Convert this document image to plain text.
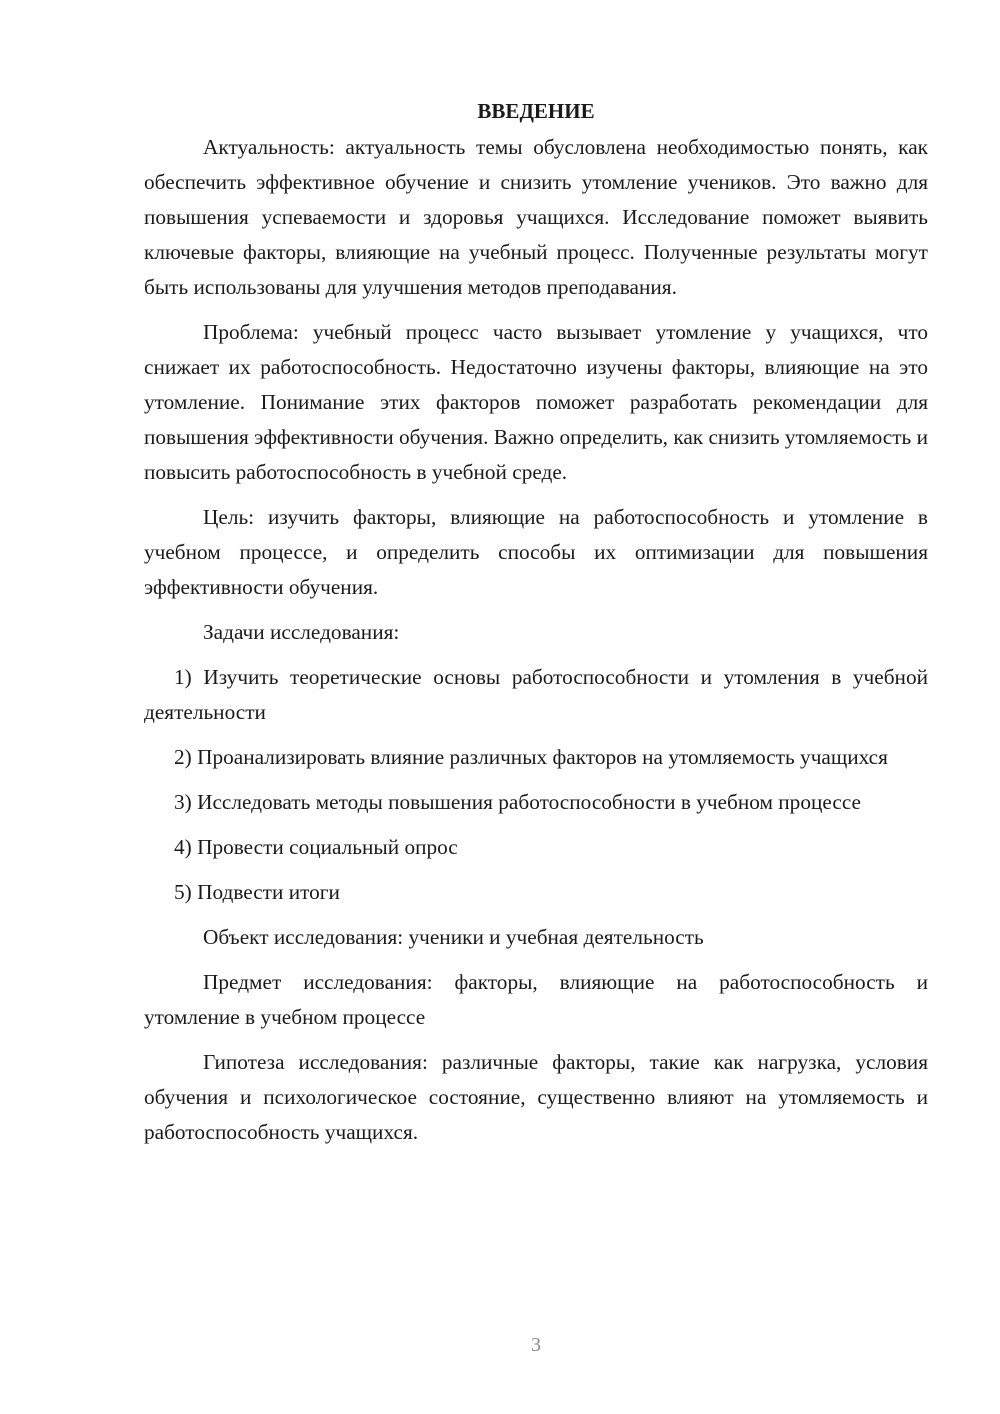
ВВЕДЕНИЕ

Актуальность: актуальность темы обусловлена необходимостью понять, как обеспечить эффективное обучение и снизить утомление учеников. Это важно для повышения успеваемости и здоровья учащихся. Исследование поможет выявить ключевые факторы, влияющие на учебный процесс. Полученные результаты могут быть использованы для улучшения методов преподавания.

Проблема: учебный процесс часто вызывает утомление у учащихся, что снижает их работоспособность. Недостаточно изучены факторы, влияющие на это утомление. Понимание этих факторов поможет разработать рекомендации для повышения эффективности обучения. Важно определить, как снизить утомляемость и повысить работоспособность в учебной среде.

Цель: изучить факторы, влияющие на работоспособность и утомление в учебном процессе, и определить способы их оптимизации для повышения эффективности обучения.

Задачи исследования:

1) Изучить теоретические основы работоспособности и утомления в учебной деятельности

2) Проанализировать влияние различных факторов на утомляемость учащихся

3) Исследовать методы повышения работоспособности в учебном процессе

4) Провести социальный опрос

5) Подвести итоги

Объект исследования: ученики и учебная деятельность

Предмет исследования: факторы, влияющие на работоспособность и утомление в учебном процессе

Гипотеза исследования: различные факторы, такие как нагрузка, условия обучения и психологическое состояние, существенно влияют на утомляемость и работоспособность учащихся.

3
